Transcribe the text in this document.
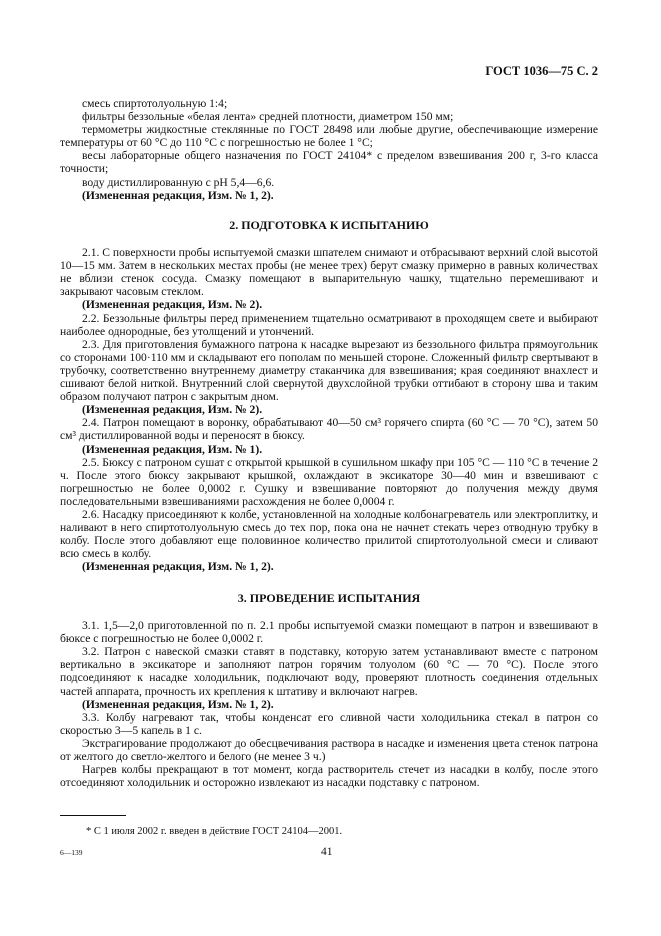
ГОСТ 1036—75 С. 2

смесь спиртотолуольную 1:4;

фильтры беззольные «белая лента» средней плотности, диаметром 150 мм;

термометры жидкостные стеклянные по ГОСТ 28498 или любые другие, обеспечивающие измерение температуры от 60 °С до 110 °С с погрешностью не более 1 °С;

весы лабораторные общего назначения по ГОСТ 24104* с пределом взвешивания 200 г, 3-го класса точности;

воду дистиллированную с рН 5,4—6,6.

(Измененная редакция, Изм. № 1, 2).

2. ПОДГОТОВКА К ИСПЫТАНИЮ

2.1. С поверхности пробы испытуемой смазки шпателем снимают и отбрасывают верхний слой высотой 10—15 мм. Затем в нескольких местах пробы (не менее трех) берут смазку примерно в равных количествах не вблизи стенок сосуда. Смазку помещают в выпарительную чашку, тщательно перемешивают и закрывают часовым стеклом.

(Измененная редакция, Изм. № 2).

2.2. Беззольные фильтры перед применением тщательно осматривают в проходящем свете и выбирают наиболее однородные, без утолщений и утончений.

2.3. Для приготовления бумажного патрона к насадке вырезают из беззольного фильтра прямоугольник со сторонами 100·110 мм и складывают его пополам по меньшей стороне. Сложенный фильтр свертывают в трубочку, соответственно внутреннему диаметру стаканчика для взвешивания; края соединяют внахлест и сшивают белой ниткой. Внутренний слой свернутой двухслойной трубки оттибают в сторону шва и таким образом получают патрон с закрытым дном.

(Измененная редакция, Изм. № 2).

2.4. Патрон помещают в воронку, обрабатывают 40—50 см³ горячего спирта (60 °С — 70 °С), затем 50 см³ дистиллированной воды и переносят в бюксу.

(Измененная редакция, Изм. № 1).

2.5. Бюксу с патроном сушат с открытой крышкой в сушильном шкафу при 105 °С — 110 °С в течение 2 ч. После этого бюксу закрывают крышкой, охлаждают в эксикаторе 30—40 мин и взвешивают с погрешностью не более 0,0002 г. Сушку и взвешивание повторяют до получения между двумя последовательными взвешиваниями расхождения не более 0,0004 г.

2.6. Насадку присоединяют к колбе, установленной на холодные колбонагреватель или электроплитку, и наливают в него спиртотолуольную смесь до тех пор, пока она не начнет стекать через отводную трубку в колбу. После этого добавляют еще половинное количество прилитой спиртотолуольной смеси и сливают всю смесь в колбу.

(Измененная редакция, Изм. № 1, 2).

3. ПРОВЕДЕНИЕ ИСПЫТАНИЯ

3.1. 1,5—2,0 приготовленной по п. 2.1 пробы испытуемой смазки помещают в патрон и взвешивают в бюксе с погрешностью не более 0,0002 г.

3.2. Патрон с навеской смазки ставят в подставку, которую затем устанавливают вместе с патроном вертикально в эксикаторе и заполняют патрон горячим толуолом (60 °С — 70 °С). После этого подсоединяют к насадке холодильник, подключают воду, проверяют плотность соединения отдельных частей аппарата, прочность их крепления к штативу и включают нагрев.

(Измененная редакция, Изм. № 1, 2).

3.3. Колбу нагревают так, чтобы конденсат его сливной части холодильника стекал в патрон со скоростью 3—5 капель в 1 с.

Экстрагирование продолжают до обесцвечивания раствора в насадке и изменения цвета стенок патрона от желтого до светло-желтого и белого (не менее 3 ч.)

Нагрев колбы прекращают в тот момент, когда растворитель стечет из насадки в колбу, после этого отсоединяют холодильник и осторожно извлекают из насадки подставку с патроном.

* С 1 июля 2002 г. введен в действие ГОСТ 24104—2001.
6—139	41
